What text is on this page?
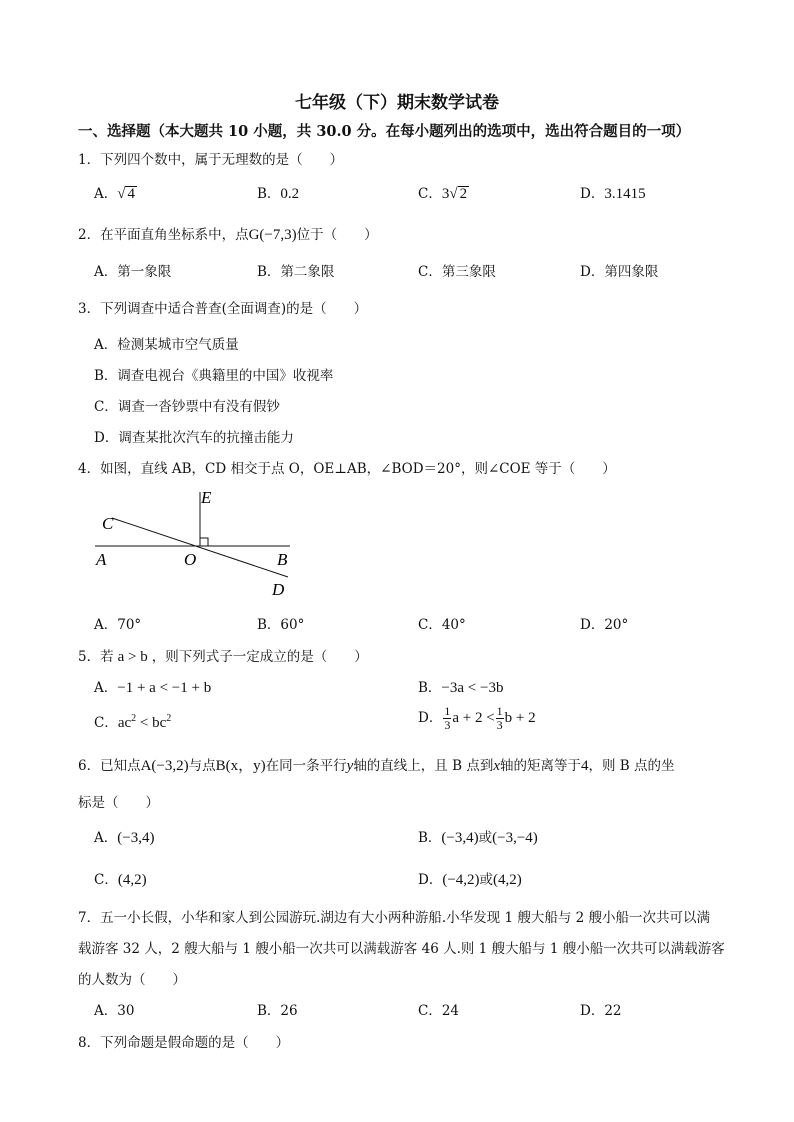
七年级（下）期末数学试卷
一、选择题（本大题共 10 小题，共 30.0 分。在每小题列出的选项中，选出符合题目的一项）
1．下列四个数中，属于无理数的是（　　）
A．√ 4	B．0.2	C．3√ 2	D．3.1415
2．在平面直角坐标系中，点G(−7,3)位于（　　）
A．第一象限	B．第二象限	C．第三象限	D．第四象限
3．下列调查中适合普查(全面调查)的是（　　）
A．检测某城市空气质量
B．调查电视台《典籍里的中国》收视率
C．调查一沓钞票中有没有假钞
D．调查某批次汽车的抗撞击能力
4．如图，直线 AB，CD 相交于点 O，OE⊥AB，∠BOD＝20°，则∠COE 等于（　　）
E
C
A	O	B
D
A．70°	B．60°	C．40°	D．20°
5．若 a > b ，则下列式子一定成立的是（　　）
A．−1 + a < −1 + b	B．−3a < −3b
C．$ac^2 < bc^2$	D． $\frac{1}{3}$ $a + 2 < \frac{1}{3}$ b + 2
6．已知点A(−3,2)与点B(x，y)在同一条平行y轴的直线上，且 B 点到x轴的矩离等于4，则 B 点的坐
标是（　　）
A．(−3,4)	B．(−3,4)或(−3,−4)
C．(4,2)	D．(−4,2)或(4,2)
7．五一小长假，小华和家人到公园游玩.湖边有大小两种游船.小华发现 1 艘大船与 2 艘小船一次共可以满
载游客 32 人，2 艘大船与 1 艘小船一次共可以满载游客 46 人.则 1 艘大船与 1 艘小船一次共可以满载游客
的人数为（　　）
A．30	B．26	C．24	D．22
8．下列命题是假命题的是（　　）
